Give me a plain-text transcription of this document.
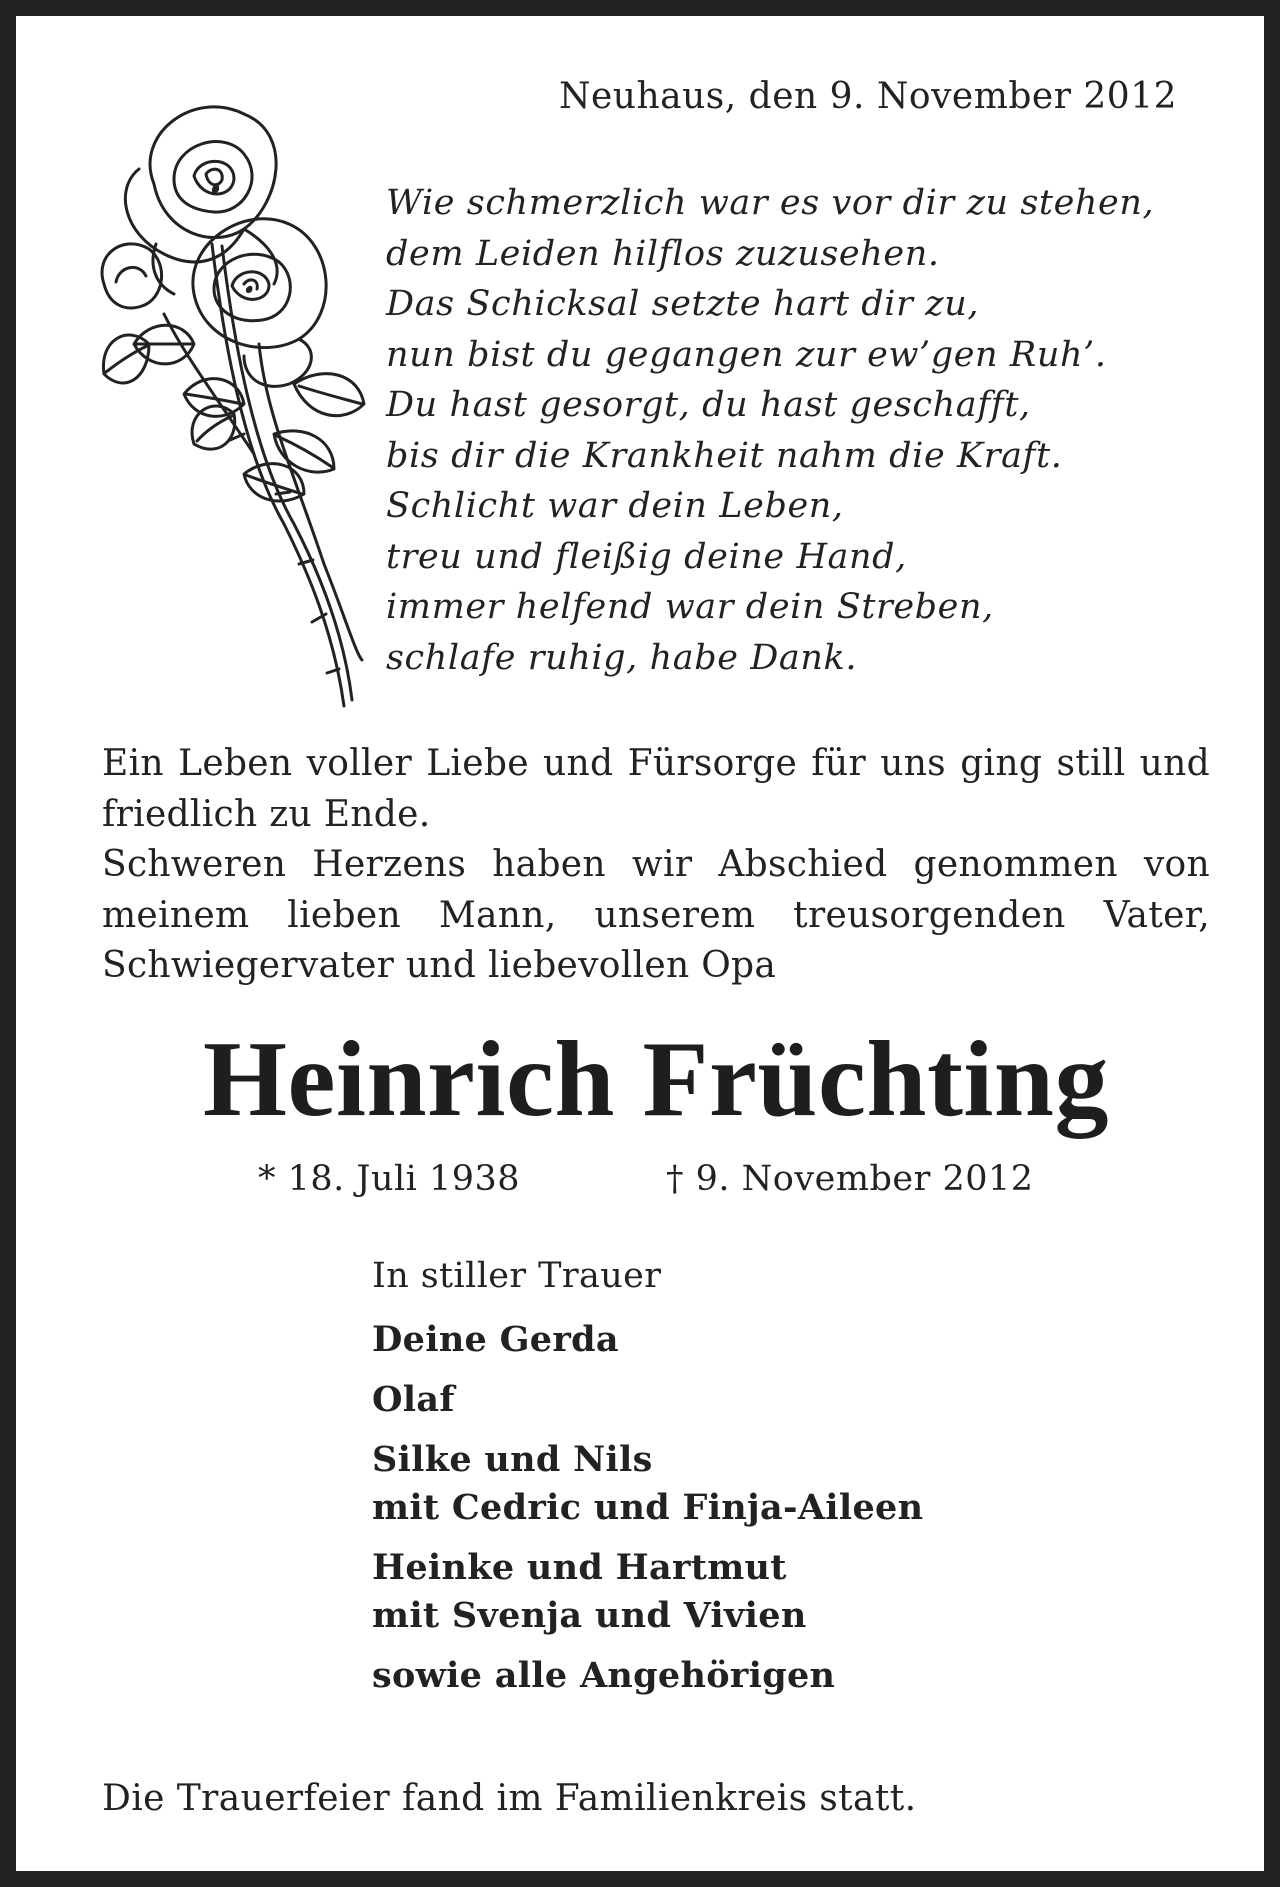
Neuhaus, den 9. November 2012
Wie schmerzlich war es vor dir zu stehen,
dem Leiden hilflos zuzusehen.
Das Schicksal setzte hart dir zu,
nun bist du gegangen zur ew’gen Ruh’.
Du hast gesorgt, du hast geschafft,
bis dir die Krankheit nahm die Kraft.
Schlicht war dein Leben,
treu und fleißig deine Hand,
immer helfend war dein Streben,
schlafe ruhig, habe Dank.
Ein Leben voller Liebe und Fürsorge für uns ging still und friedlich zu Ende.
Schweren Herzens haben wir Abschied genommen von meinem lieben Mann, unserem treusorgenden Vater, Schwiegervater und liebevollen Opa
Heinrich Früchting
* 18. Juli 1938	† 9. November 2012
In stiller Trauer
Deine Gerda
Olaf
Silke und Nils
mit Cedric und Finja-Aileen
Heinke und Hartmut
mit Svenja und Vivien
sowie alle Angehörigen
Die Trauerfeier fand im Familienkreis statt.
